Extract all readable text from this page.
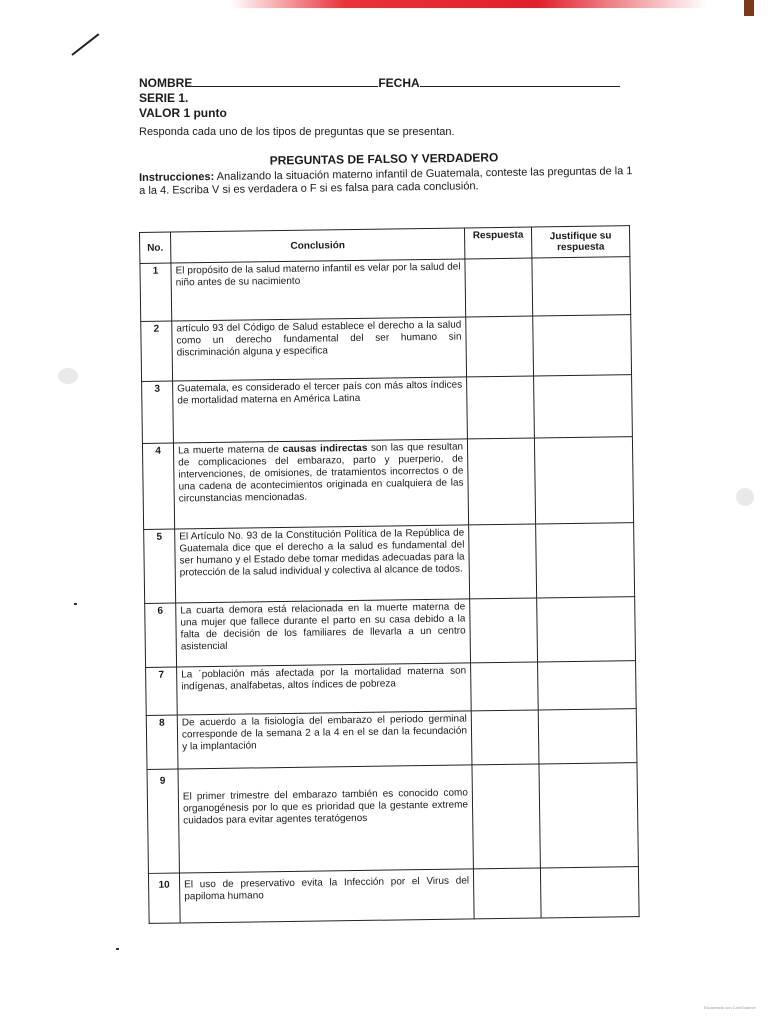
NOMBRE	FECHA
SERIE 1.
VALOR 1 punto
Responda cada uno de los tipos de preguntas que se presentan.
PREGUNTAS DE FALSO Y VERDADERO
Instrucciones: Analizando la situación materno infantil de Guatemala, conteste las preguntas de la 1 a la 4. Escriba V si es verdadera o F si es falsa para cada conclusión.
No.	Conclusión	Respuesta	Justifique su respuesta
1	El propósito de la salud materno infantil es velar por la salud del niño antes de su nacimiento		
2	artículo 93 del Código de Salud establece el derecho a la salud como un derecho fundamental del ser humano sin discriminación alguna y especifica		
3	Guatemala, es considerado el tercer país con más altos índices de mortalidad materna en América Latina		
4	La muerte materna de causas indirectas son las que resultan de complicaciones del embarazo, parto y puerperio, de intervenciones, de omisiones, de tratamientos incorrectos o de una cadena de acontecimientos originada en cualquiera de las circunstancias mencionadas.		
5	El Artículo No. 93 de la Constitución Política de la República de Guatemala dice que el derecho a la salud es fundamental del ser humano y el Estado debe tomar medidas adecuadas para la protección de la salud individual y colectiva al alcance de todos.		
6	La cuarta demora está relacionada en la muerte materna de una mujer que fallece durante el parto en su casa debido a la falta de decisión de los familiares de llevarla a un centro asistencial		
7	La ´población más afectada por la mortalidad materna son indígenas, analfabetas, altos índices de pobreza		
8	De acuerdo a la fisiología del embarazo el periodo germinal corresponde de la semana 2 a la 4 en el se dan la fecundación y la implantación		
9	El primer trimestre del embarazo también es conocido como organogénesis por lo que es prioridad que la gestante extreme cuidados para evitar agentes teratógenos		
10	El uso de preservativo evita la Infección por el Virus del papiloma humano		
Escaneado con CamScanner
